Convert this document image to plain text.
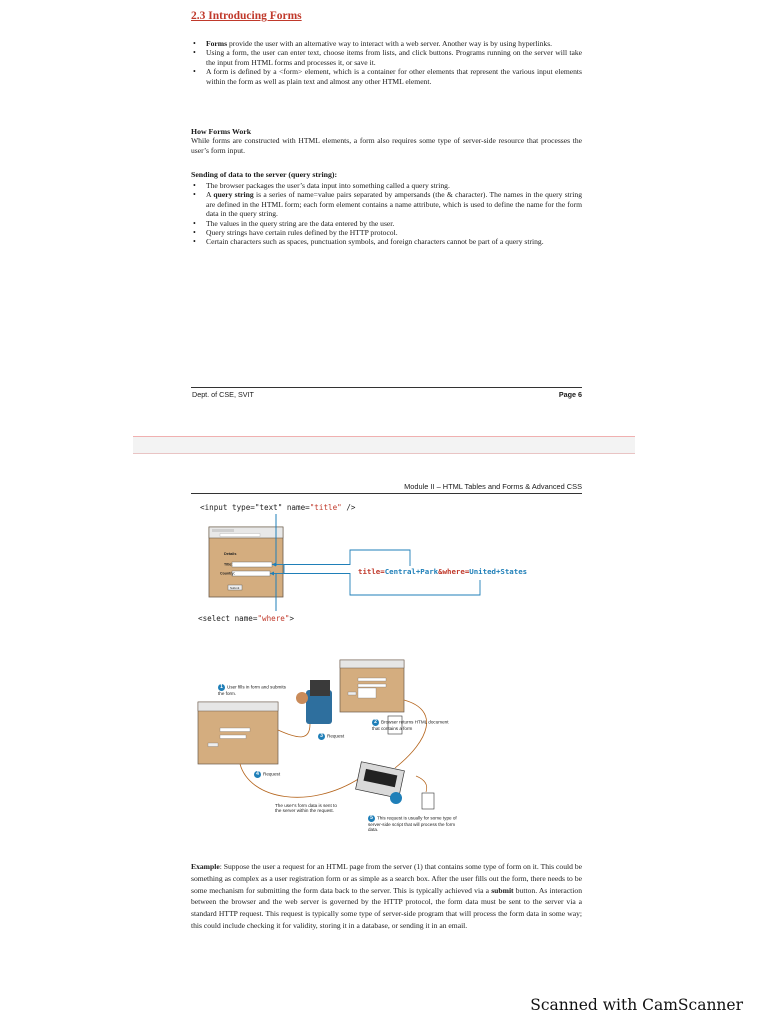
2.3 Introducing Forms
• Forms provide the user with an alternative way to interact with a web server. Another way is by using hyperlinks.
• Using a form, the user can enter text, choose items from lists, and click buttons. Programs running on the server will take the input from HTML forms and processes it, or save it.
• A form is defined by a <form> element, which is a container for other elements that represent the various input elements within the form as well as plain text and almost any other HTML element.
How Forms Work
While forms are constructed with HTML elements, a form also requires some type of server-side resource that processes the user’s form input.
Sending of data to the server (query string):
• The browser packages the user’s data input into something called a query string.
• A query string is a series of name=value pairs separated by ampersands (the & character). The names in the query string are defined in the HTML form; each form element contains a name attribute, which is used to define the name for the form data in the query string.
• The values in the query string are the data entered by the user.
• Query strings have certain rules defined by the HTTP protocol.
• Certain characters such as spaces, punctuation symbols, and foreign characters cannot be part of a query string.
Dept. of CSE, SVIT	Page 6
Module II – HTML Tables and Forms & Advanced CSS
<input type="text" name="title" />
Details
Title:
Country:
Submit
title=Central+Park&where=United+States
<select name="where">
1 User fills in form and submits the form.
2 Browser returns HTML document that contains a form
3 Request
4 Request
5 This request is usually for some type of server-side script that will process the form data.
The user’s form data is sent to the server within the request.
Example: Suppose the user a request for an HTML page from the server (1) that contains some type of form on it. This could be something as complex as a user registration form or as simple as a search box. After the user fills out the form, there needs to be some mechanism for submitting the form data back to the server. This is typically achieved via a submit button. As interaction between the browser and the web server is governed by the HTTP protocol, the form data must be sent to the server via a standard HTTP request. This request is typically some type of server-side program that will process the form data in some way; this could include checking it for validity, storing it in a database, or sending it in an email.
Scanned with CamScanner
